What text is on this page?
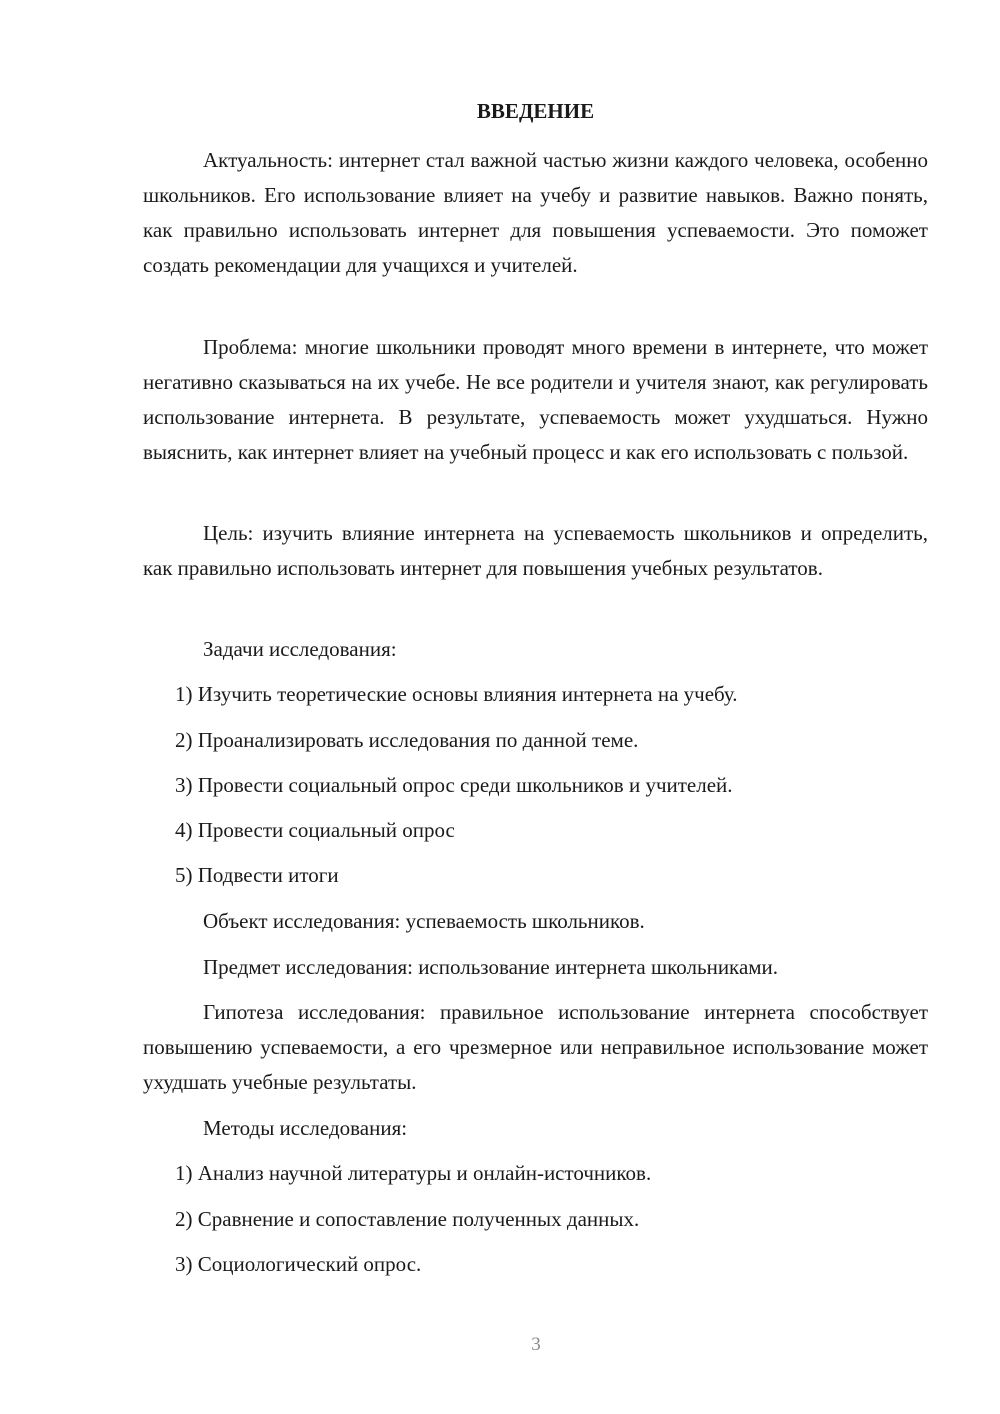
ВВЕДЕНИЕ

Актуальность: интернет стал важной частью жизни каждого человека, особенно школьников. Его использование влияет на учебу и развитие навыков. Важно понять, как правильно использовать интернет для повышения успеваемости. Это поможет создать рекомендации для учащихся и учителей.

Проблема: многие школьники проводят много времени в интернете, что может негативно сказываться на их учебе. Не все родители и учителя знают, как регулировать использование интернета. В результате, успеваемость может ухудшаться. Нужно выяснить, как интернет влияет на учебный процесс и как его использовать с пользой.

Цель: изучить влияние интернета на успеваемость школьников и определить, как правильно использовать интернет для повышения учебных результатов.

Задачи исследования:

1) Изучить теоретические основы влияния интернета на учебу.

2) Проанализировать исследования по данной теме.

3) Провести социальный опрос среди школьников и учителей.

4) Провести социальный опрос

5) Подвести итоги

Объект исследования: успеваемость школьников.

Предмет исследования: использование интернета школьниками.

Гипотеза исследования: правильное использование интернета способствует повышению успеваемости, а его чрезмерное или неправильное использование может ухудшать учебные результаты.

Методы исследования:

1) Анализ научной литературы и онлайн-источников.

2) Сравнение и сопоставление полученных данных.

3) Социологический опрос.

3
